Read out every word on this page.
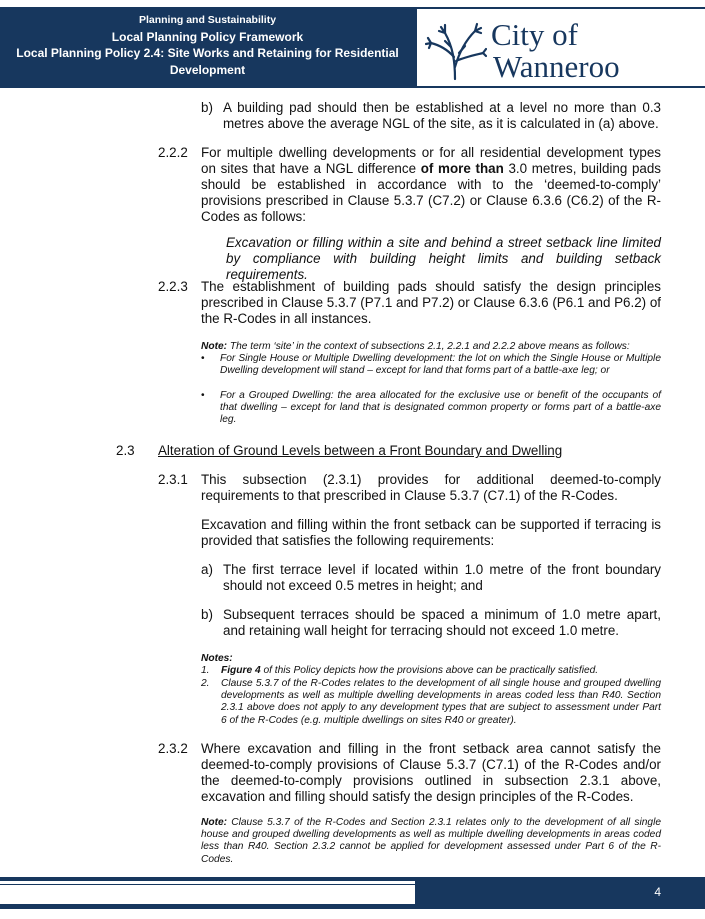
Planning and Sustainability
Local Planning Policy Framework
Local Planning Policy 2.4: Site Works and Retaining for Residential
Development
City of
Wanneroo
b) A building pad should then be established at a level no more than 0.3 metres above the average NGL of the site, as it is calculated in (a) above.
2.2.2 For multiple dwelling developments or for all residential development types on sites that have a NGL difference of more than 3.0 metres, building pads should be established in accordance with to the ‘deemed-to-comply’ provisions prescribed in Clause 5.3.7 (C7.2) or Clause 6.3.6 (C6.2) of the R-Codes as follows:
Excavation or filling within a site and behind a street setback line limited by compliance with building height limits and building setback requirements.
2.2.3 The establishment of building pads should satisfy the design principles prescribed in Clause 5.3.7 (P7.1 and P7.2) or Clause 6.3.6 (P6.1 and P6.2) of the R-Codes in all instances.
Note: The term ‘site’ in the context of subsections 2.1, 2.2.1 and 2.2.2 above means as follows:
• For Single House or Multiple Dwelling development: the lot on which the Single House or Multiple Dwelling development will stand – except for land that forms part of a battle-axe leg; or
• For a Grouped Dwelling: the area allocated for the exclusive use or benefit of the occupants of that dwelling – except for land that is designated common property or forms part of a battle-axe leg.
2.3 Alteration of Ground Levels between a Front Boundary and Dwelling
2.3.1 This subsection (2.3.1) provides for additional deemed-to-comply requirements to that prescribed in Clause 5.3.7 (C7.1) of the R-Codes.
Excavation and filling within the front setback can be supported if terracing is provided that satisfies the following requirements:
a) The first terrace level if located within 1.0 metre of the front boundary should not exceed 0.5 metres in height; and
b) Subsequent terraces should be spaced a minimum of 1.0 metre apart, and retaining wall height for terracing should not exceed 1.0 metre.
Notes:
1. Figure 4 of this Policy depicts how the provisions above can be practically satisfied.
2. Clause 5.3.7 of the R-Codes relates to the development of all single house and grouped dwelling developments as well as multiple dwelling developments in areas coded less than R40. Section 2.3.1 above does not apply to any development types that are subject to assessment under Part 6 of the R-Codes (e.g. multiple dwellings on sites R40 or greater).
2.3.2 Where excavation and filling in the front setback area cannot satisfy the deemed-to-comply provisions of Clause 5.3.7 (C7.1) of the R-Codes and/or the deemed-to-comply provisions outlined in subsection 2.3.1 above, excavation and filling should satisfy the design principles of the R-Codes.
Note: Clause 5.3.7 of the R-Codes and Section 2.3.1 relates only to the development of all single house and grouped dwelling developments as well as multiple dwelling developments in areas coded less than R40. Section 2.3.2 cannot be applied for development assessed under Part 6 of the R-Codes.
4
